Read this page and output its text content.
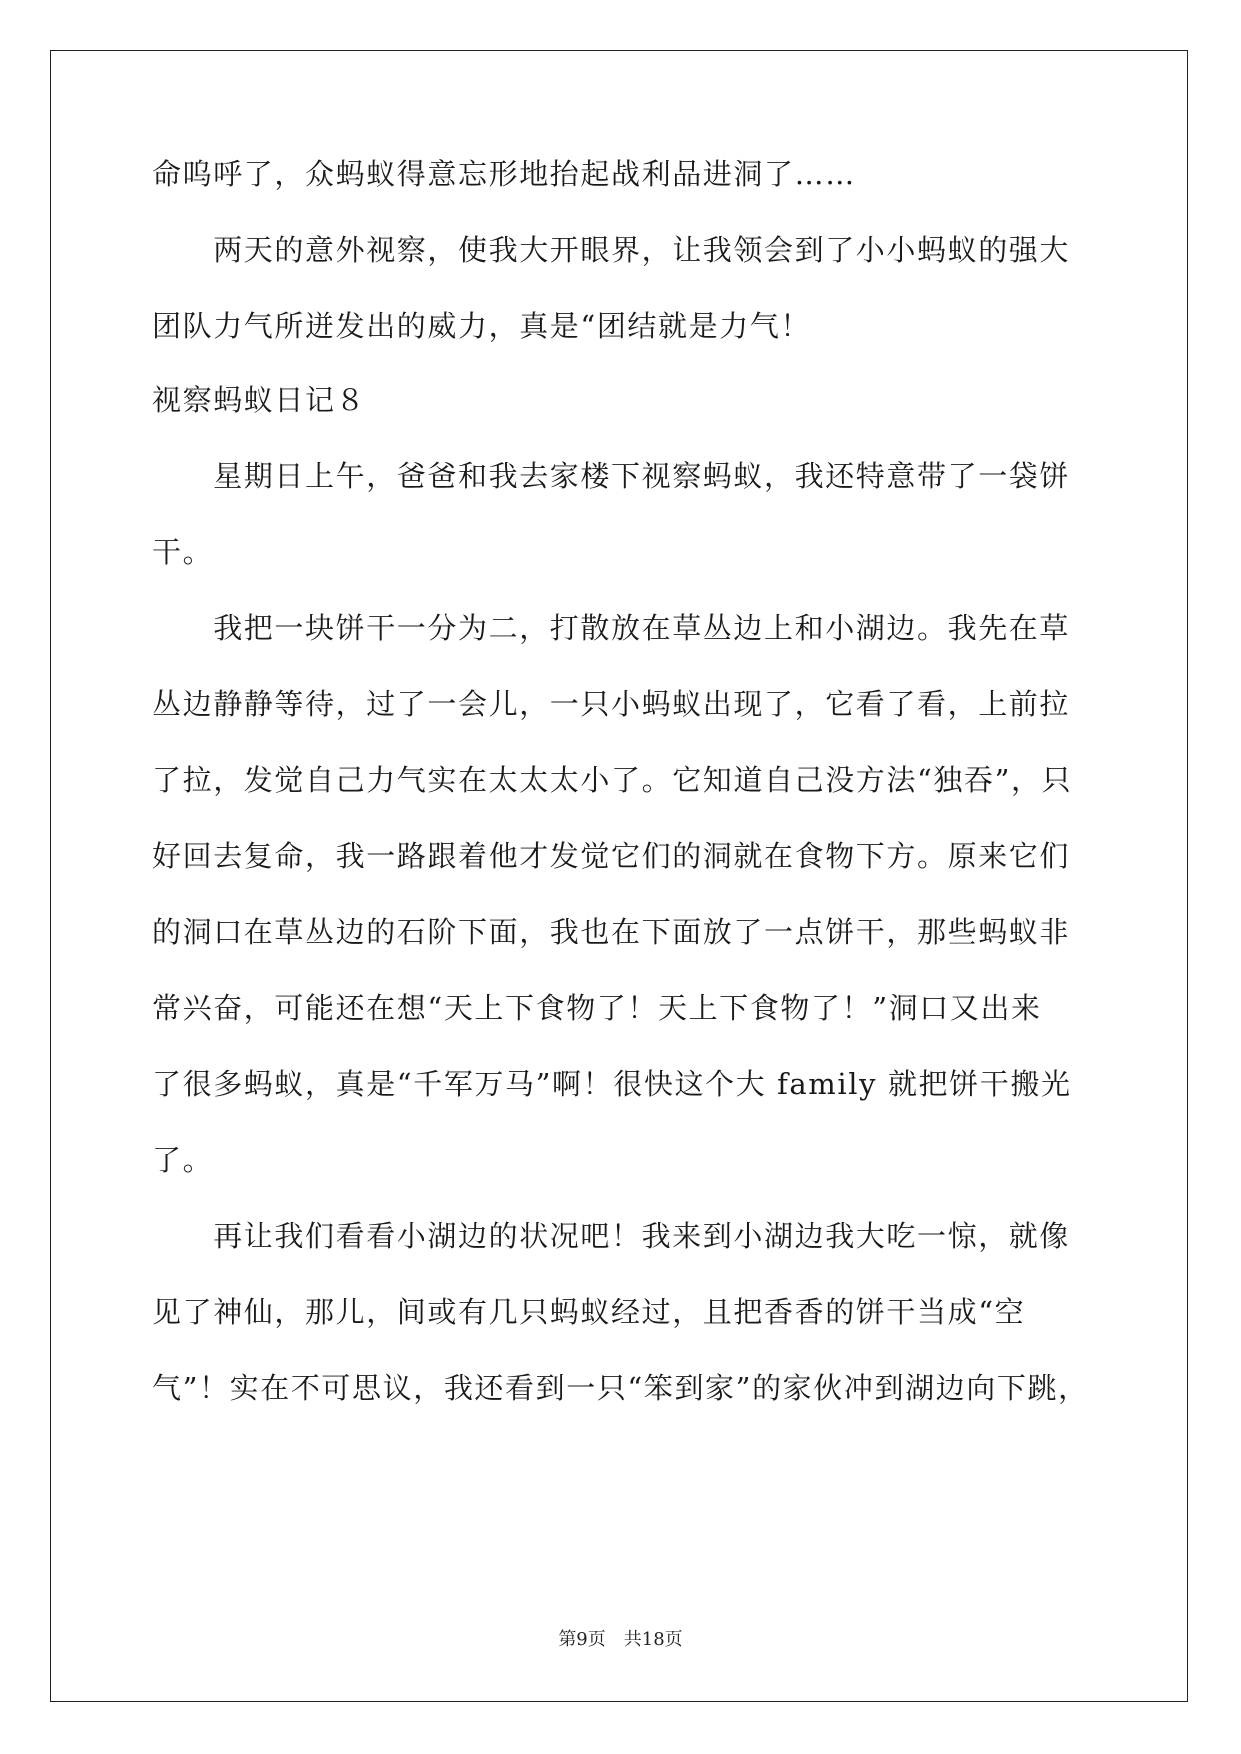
命呜呼了，众蚂蚁得意忘形地抬起战利品进洞了……
　　两天的意外视察，使我大开眼界，让我领会到了小小蚂蚁的强大
团队力气所迸发出的威力，真是“团结就是力气！
视察蚂蚁日记８
　　星期日上午，爸爸和我去家楼下视察蚂蚁，我还特意带了一袋饼
干。
　　我把一块饼干一分为二，打散放在草丛边上和小湖边。我先在草
丛边静静等待，过了一会儿，一只小蚂蚁出现了，它看了看，上前拉
了拉，发觉自己力气实在太太太小了。它知道自己没方法“独吞”，只
好回去复命，我一路跟着他才发觉它们的洞就在食物下方。原来它们
的洞口在草丛边的石阶下面，我也在下面放了一点饼干，那些蚂蚁非
常兴奋，可能还在想“天上下食物了！天上下食物了！”洞口又出来
了很多蚂蚁，真是“千军万马”啊！很快这个大 family 就把饼干搬光
了。
　　再让我们看看小湖边的状况吧！我来到小湖边我大吃一惊，就像
见了神仙，那儿，间或有几只蚂蚁经过，且把香香的饼干当成“空
气”！实在不可思议，我还看到一只“笨到家”的家伙冲到湖边向下跳，
第9页　共18页
